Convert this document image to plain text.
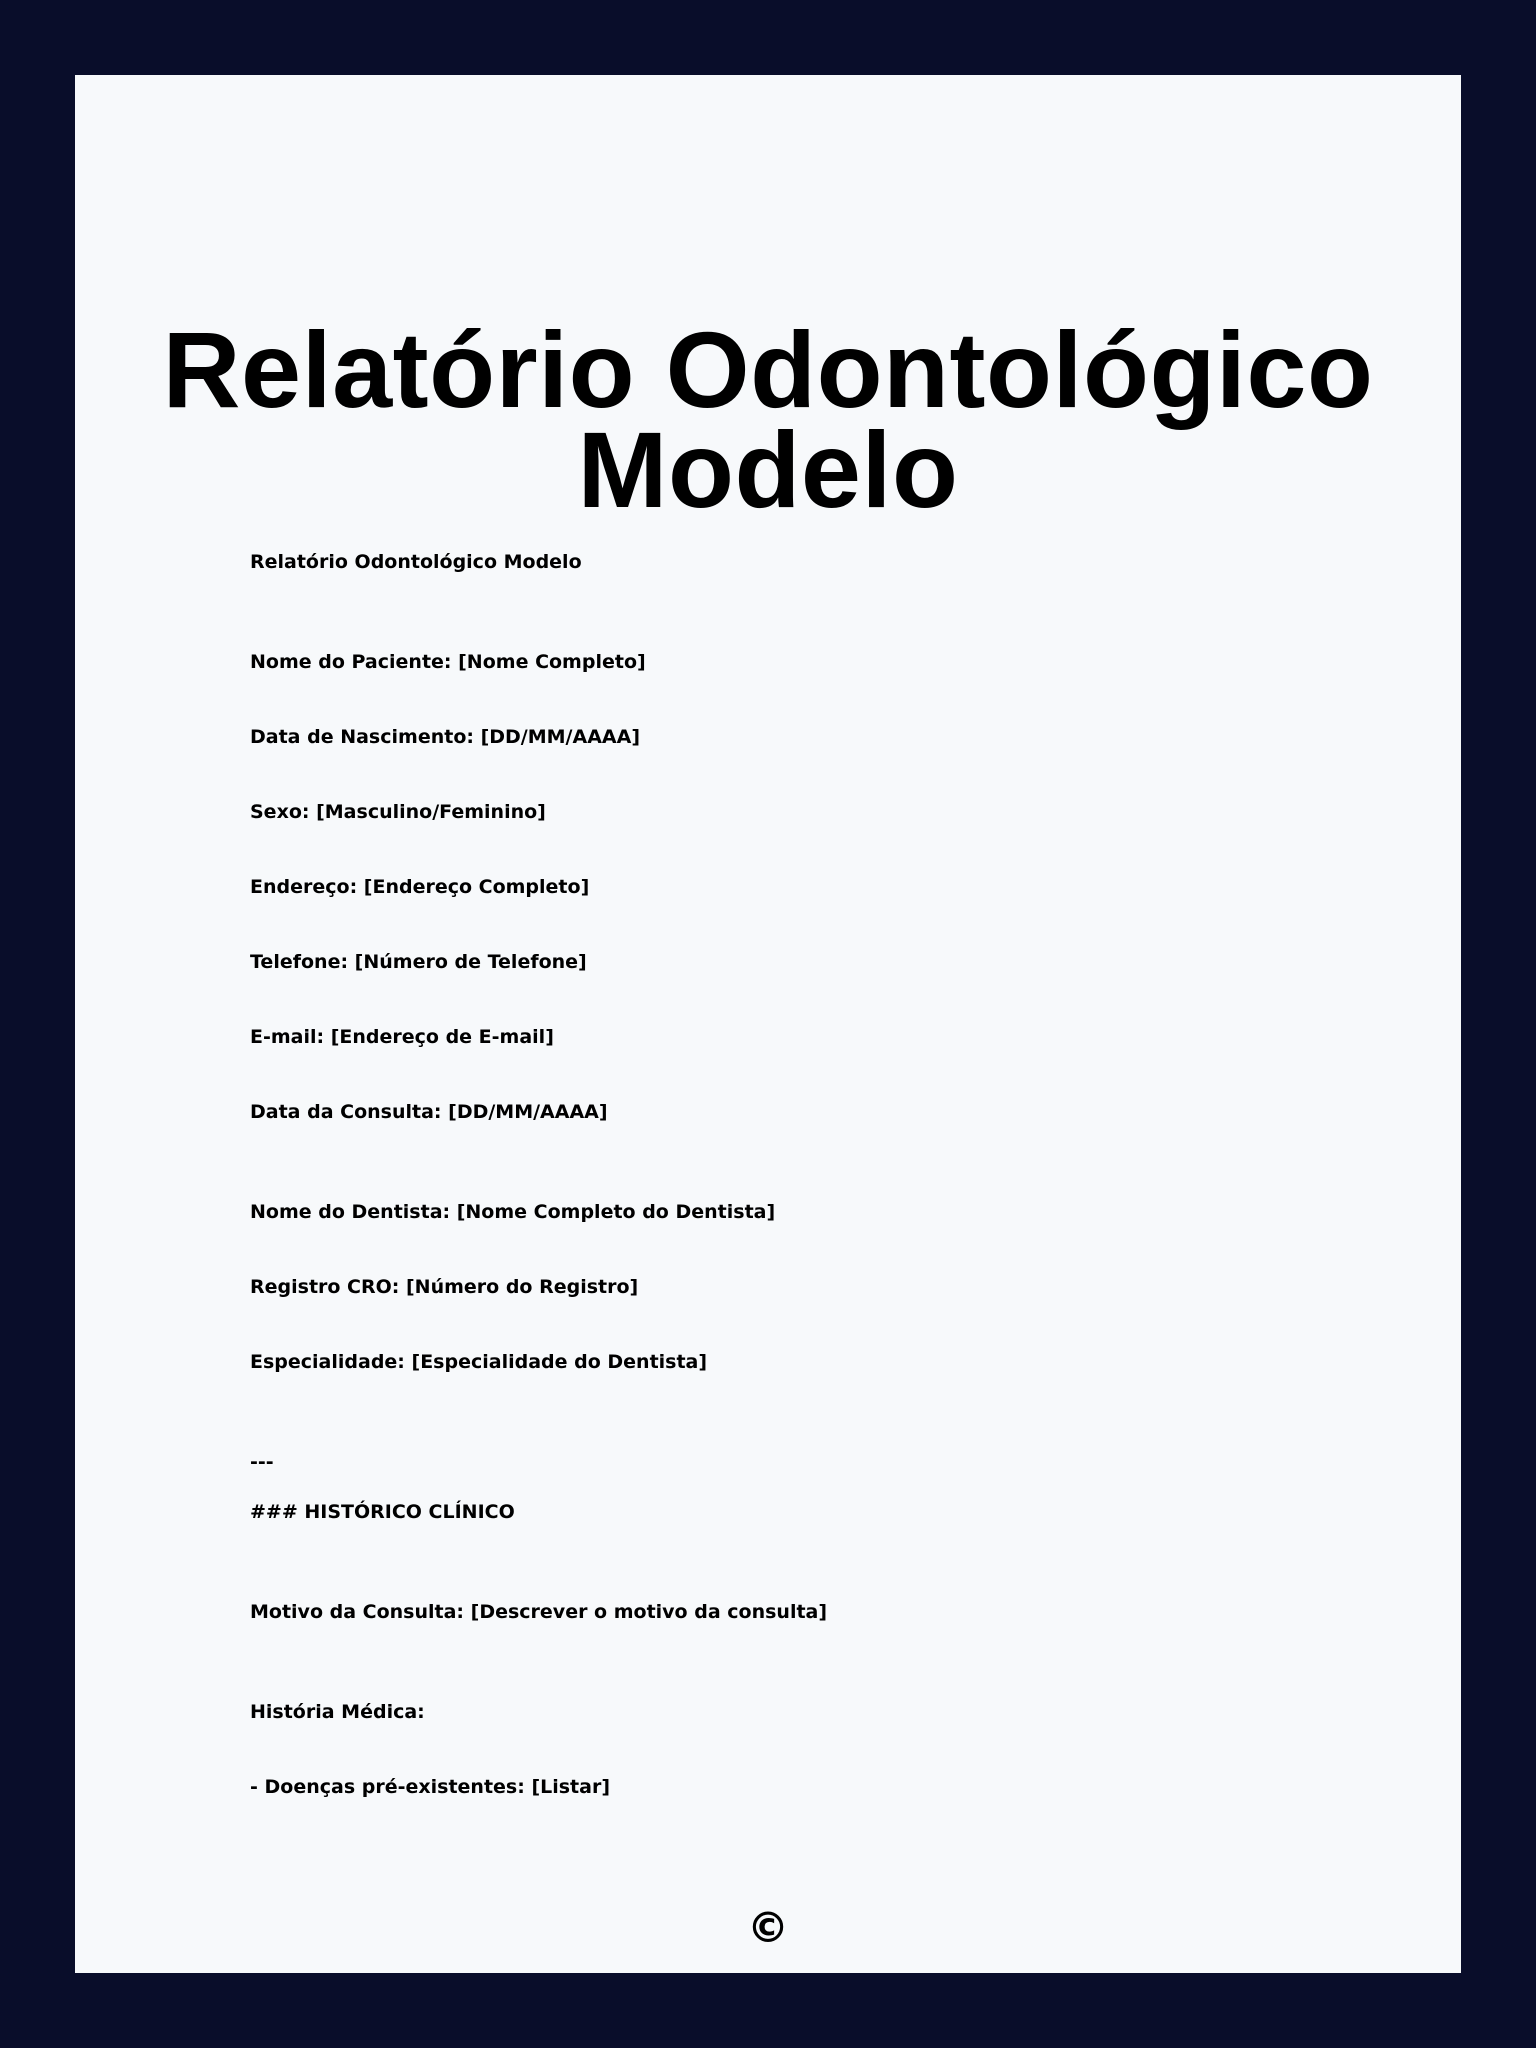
Relatório Odontológico
Modelo

Relatório Odontológico Modelo

Nome do Paciente: [Nome Completo]

Data de Nascimento: [DD/MM/AAAA]

Sexo: [Masculino/Feminino]

Endereço: [Endereço Completo]

Telefone: [Número de Telefone]

E-mail: [Endereço de E-mail]

Data da Consulta: [DD/MM/AAAA]

Nome do Dentista: [Nome Completo do Dentista]

Registro CRO: [Número do Registro]

Especialidade: [Especialidade do Dentista]

---

### HISTÓRICO CLÍNICO

Motivo da Consulta: [Descrever o motivo da consulta]

História Médica:

- Doenças pré-existentes: [Listar]

©
